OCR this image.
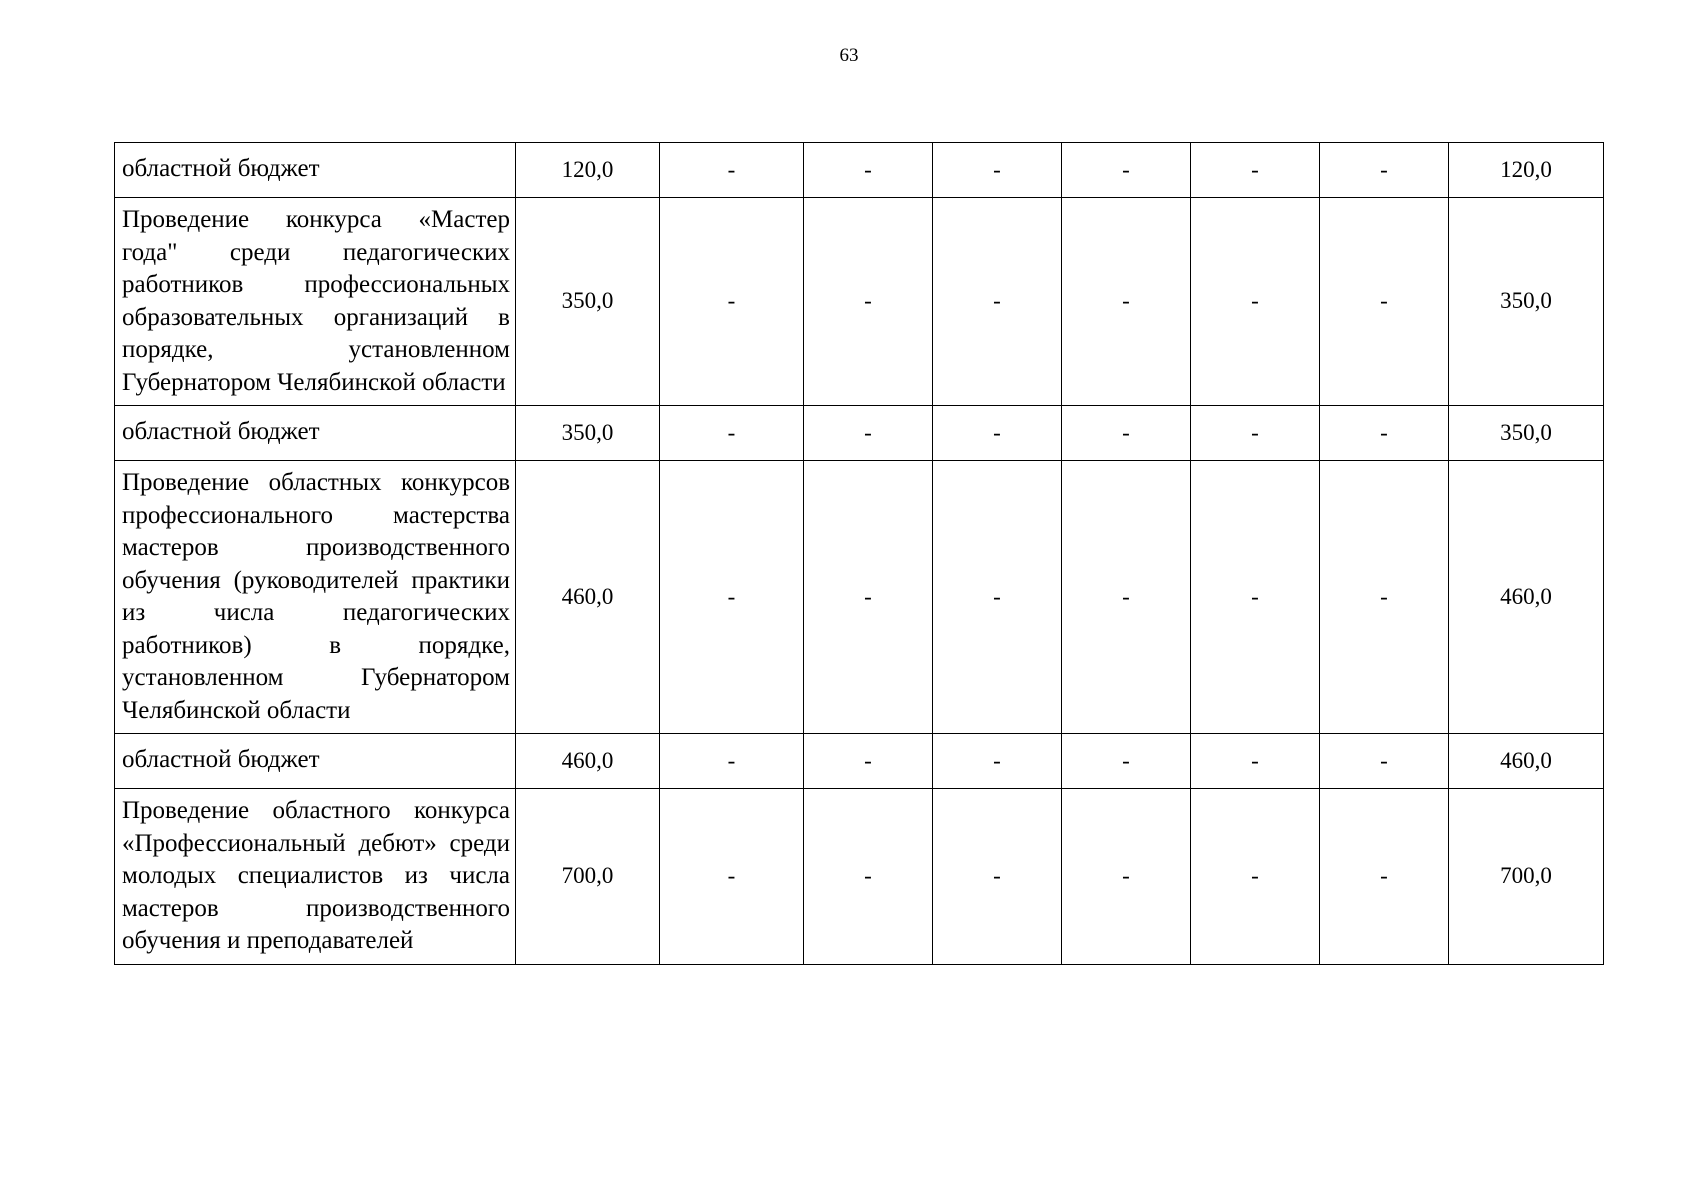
63
областной бюджет	120,0	-	-	-	-	-	-	120,0
Проведение конкурса «Мастер года" среди педагогических работников профессиональных образовательных организаций в порядке, установленном Губернатором Челябинской области	350,0	-	-	-	-	-	-	350,0
областной бюджет	350,0	-	-	-	-	-	-	350,0
Проведение областных конкурсов профессионального мастерства мастеров производственного обучения (руководителей практики из числа педагогических работников) в порядке, установленном Губернатором Челябинской области	460,0	-	-	-	-	-	-	460,0
областной бюджет	460,0	-	-	-	-	-	-	460,0
Проведение областного конкурса «Профессиональный дебют» среди молодых специалистов из числа мастеров производственного обучения и преподавателей	700,0	-	-	-	-	-	-	700,0
